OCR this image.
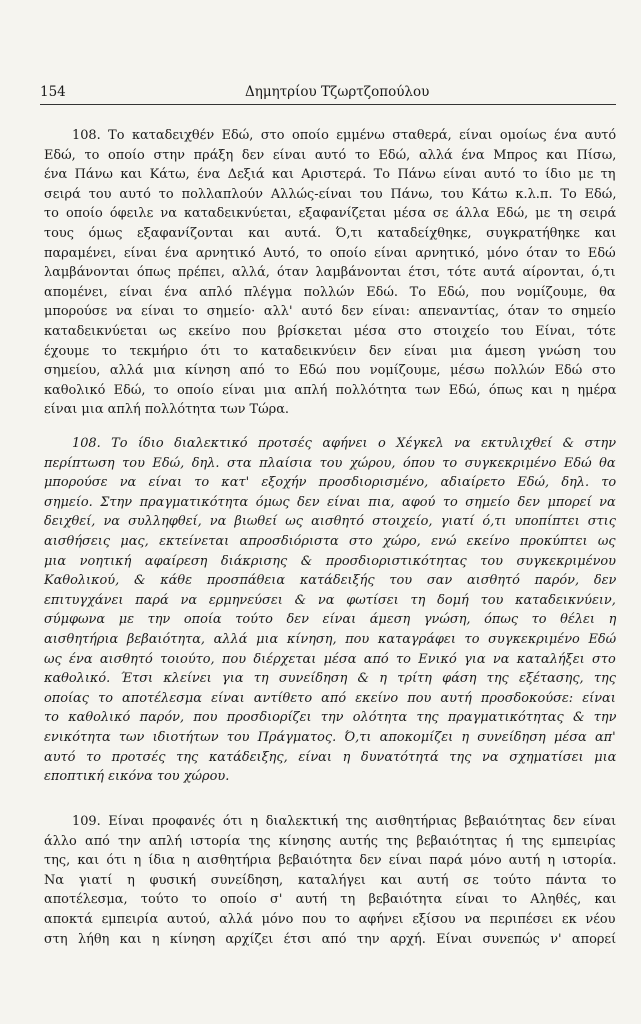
154	Δημητρίου Τζωρτζοπούλου
108. Το καταδειχθέν Εδώ, στο οποίο εμμένω σταθερά, είναι ομοίως ένα αυτό
Εδώ, το οποίο στην πράξη δεν είναι αυτό το Εδώ, αλλά ένα Μπρος και Πίσω,
ένα Πάνω και Κάτω, ένα Δεξιά και Αριστερά. Το Πάνω είναι αυτό το ίδιο με τη
σειρά του αυτό το πολλαπλούν Αλλώς-είναι του Πάνω, του Κάτω κ.λ.π. Το Εδώ,
το οποίο όφειλε να καταδεικνύεται, εξαφανίζεται μέσα σε άλλα Εδώ, με τη σειρά
τους όμως εξαφανίζονται και αυτά. Ό,τι καταδείχθηκε, συγκρατήθηκε και
παραμένει, είναι ένα αρνητικό Αυτό, το οποίο είναι αρνητικό, μόνο όταν το Εδώ
λαμβάνονται όπως πρέπει, αλλά, όταν λαμβάνονται έτσι, τότε αυτά αίρονται, ό,τι
απομένει, είναι ένα απλό πλέγμα πολλών Εδώ. Το Εδώ, που νομίζουμε, θα
μπορούσε να είναι το σημείο· αλλ' αυτό δεν είναι: απεναντίας, όταν το σημείο
καταδεικνύεται ως εκείνο που βρίσκεται μέσα στο στοιχείο του Είναι, τότε
έχουμε το τεκμήριο ότι το καταδεικνύειν δεν είναι μια άμεση γνώση του
σημείου, αλλά μια κίνηση από το Εδώ που νομίζουμε, μέσω πολλών Εδώ στο
καθολικό Εδώ, το οποίο είναι μια απλή πολλότητα των Εδώ, όπως και η ημέρα
είναι μια απλή πολλότητα των Τώρα.
108. Το ίδιο διαλεκτικό προτσές αφήνει ο Χέγκελ να εκτυλιχθεί & στην
περίπτωση του Εδώ, δηλ. στα πλαίσια του χώρου, όπου το συγκεκριμένο Εδώ θα
μπορούσε να είναι το κατ' εξοχήν προσδιορισμένο, αδιαίρετο Εδώ, δηλ. το
σημείο. Στην πραγματικότητα όμως δεν είναι πια, αφού το σημείο δεν μπορεί να
δειχθεί, να συλληφθεί, να βιωθεί ως αισθητό στοιχείο, γιατί ό,τι υποπίπτει στις
αισθήσεις μας, εκτείνεται απροσδιόριστα στο χώρο, ενώ εκείνο προκύπτει ως
μια νοητική αφαίρεση διάκρισης & προσδιοριστικότητας του συγκεκριμένου
Καθολικού, & κάθε προσπάθεια κατάδειξής του σαν αισθητό παρόν, δεν
επιτυγχάνει παρά να ερμηνεύσει & να φωτίσει τη δομή του καταδεικνύειν,
σύμφωνα με την οποία τούτο δεν είναι άμεση γνώση, όπως το θέλει η
αισθητήρια βεβαιότητα, αλλά μια κίνηση, που καταγράφει το συγκεκριμένο Εδώ
ως ένα αισθητό τοιούτο, που διέρχεται μέσα από το Ενικό για να καταλήξει στο
καθολικό. Έτσι κλείνει για τη συνείδηση & η τρίτη φάση της εξέτασης, της
οποίας το αποτέλεσμα είναι αντίθετο από εκείνο που αυτή προσδοκούσε: είναι
το καθολικό παρόν, που προσδιορίζει την ολότητα της πραγματικότητας & την
ενικότητα των ιδιοτήτων του Πράγματος. Ό,τι αποκομίζει η συνείδηση μέσα απ'
αυτό το προτσές της κατάδειξης, είναι η δυνατότητά της να σχηματίσει μια
εποπτική εικόνα του χώρου.
109. Είναι προφανές ότι η διαλεκτική της αισθητήριας βεβαιότητας δεν είναι
άλλο από την απλή ιστορία της κίνησης αυτής της βεβαιότητας ή της εμπειρίας
της, και ότι η ίδια η αισθητήρια βεβαιότητα δεν είναι παρά μόνο αυτή η ιστορία.
Να γιατί η φυσική συνείδηση, καταλήγει και αυτή σε τούτο πάντα το
αποτέλεσμα, τούτο το οποίο σ' αυτή τη βεβαιότητα είναι το Αληθές, και
αποκτά εμπειρία αυτού, αλλά μόνο που το αφήνει εξίσου να περιπέσει εκ νέου
στη λήθη και η κίνηση αρχίζει έτσι από την αρχή. Είναι συνεπώς ν' απορεί
